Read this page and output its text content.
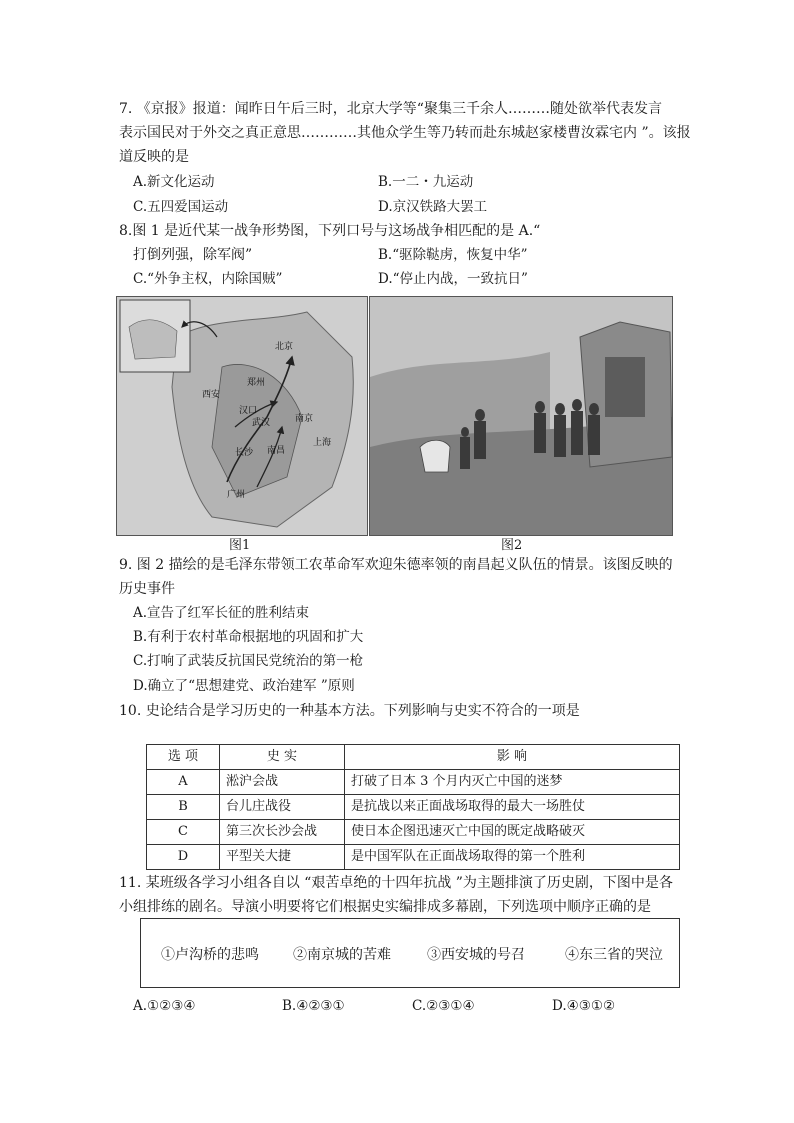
7. 《京报》报道：闻昨日午后三时，北京大学等“聚集三千余人………随处欲举代表发言
表示国民对于外交之真正意思…………其他众学生等乃转而赴东城赵家楼曹汝霖宅内 ”。该报
道反映的是
A.新文化运动	B.一二・九运动
C.五四爱国运动	D.京汉铁路大罢工
8.图 1 是近代某一战争形势图，下列口号与这场战争相匹配的是 A.“
打倒列强，除军阀”	B.“驱除鞑虏，恢复中华”
C.“外争主权，内除国贼”	D.“停止内战，一致抗日”
北京
上海
南京
长沙 南昌
武汉
广州
西安
郑州
汉口
图1	图2
9. 图 2 描绘的是毛泽东带领工农革命军欢迎朱德率领的南昌起义队伍的情景。该图反映的
历史事件
A.宣告了红军长征的胜利结束
B.有利于农村革命根据地的巩固和扩大
C.打响了武装反抗国民党统治的第一枪
D.确立了“思想建党、政治建军 ”原则
10. 史论结合是学习历史的一种基本方法。下列影响与史实不符合的一项是
选 项	史 实	影 响
A	淞沪会战	打破了日本 3 个月内灭亡中国的迷梦
B	台儿庄战役	是抗战以来正面战场取得的最大一场胜仗
C	第三次长沙会战	使日本企图迅速灭亡中国的既定战略破灭
D	平型关大捷	是中国军队在正面战场取得的第一个胜利
11. 某班级各学习小组各自以 “艰苦卓绝的十四年抗战 ”为主题排演了历史剧，下图中是各
小组排练的剧名。导演小明要将它们根据史实编排成多幕剧，下列选项中顺序正确的是
①卢沟桥的悲鸣 ②南京城的苦难	③西安城的号召	④东三省的哭泣
A.①②③④	B.④②③①	C.②③①④	D.④③①②
